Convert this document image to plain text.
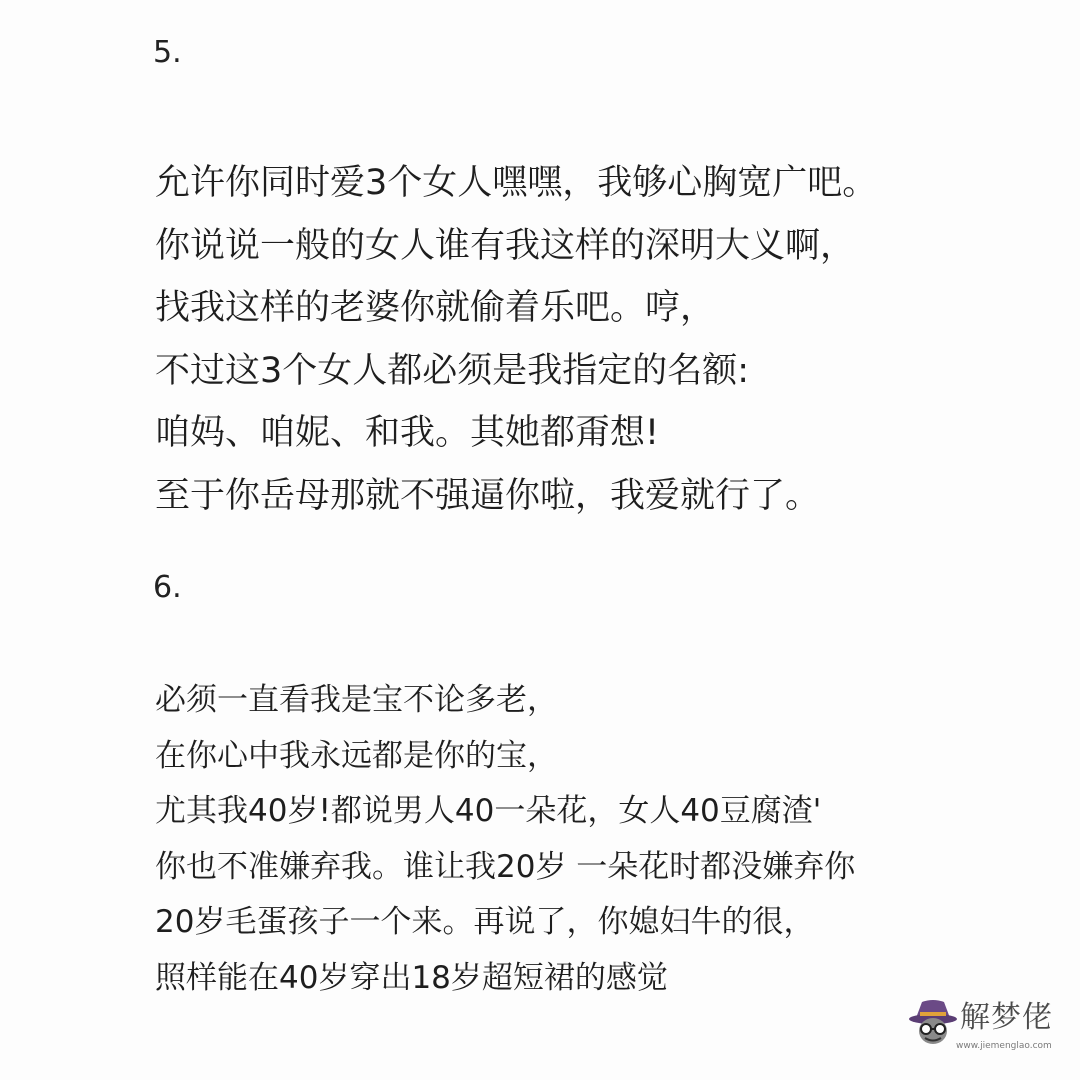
5.
允许你同时爱3个女人嘿嘿，我够心胸宽广吧。
你说说一般的女人谁有我这样的深明大义啊，
找我这样的老婆你就偷着乐吧。哼，
不过这3个女人都必须是我指定的名额:
咱妈、咱妮、和我。其她都甭想!
至于你岳母那就不强逼你啦，我爱就行了。
6.
必须一直看我是宝不论多老，
在你心中我永远都是你的宝，
尤其我40岁!都说男人40一朵花，女人40豆腐渣'
你也不准嫌弃我。谁让我20岁 一朵花时都没嫌弃你
20岁毛蛋孩子一个来。再说了，你媳妇牛的很，
照样能在40岁穿出18岁超短裙的感觉
解梦佬
www.jiemenglao.com
